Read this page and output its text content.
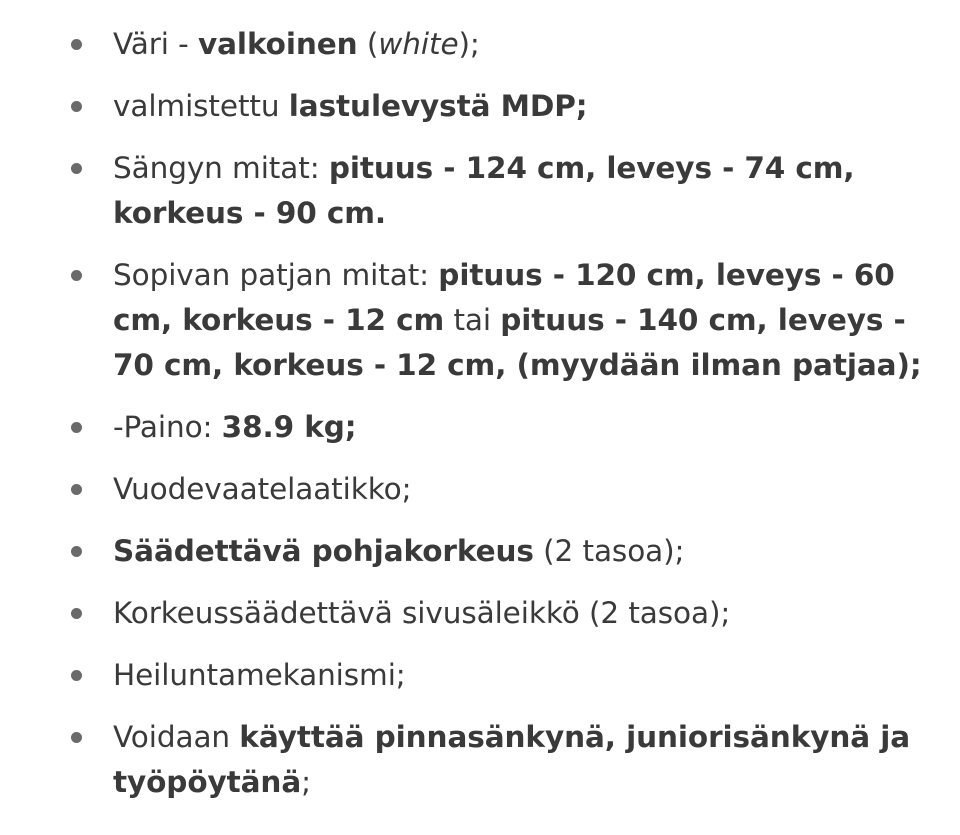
Väri - valkoinen (white);
valmistettu lastulevystä MDP;
Sängyn mitat: pituus - 124 cm, leveys - 74 cm, korkeus - 90 cm.
Sopivan patjan mitat: pituus - 120 cm, leveys - 60 cm, korkeus - 12 cm tai pituus - 140 cm, leveys - 70 cm, korkeus - 12 cm, (myydään ilman patjaa);
-Paino: 38.9 kg;
Vuodevaatelaatikko;
Säädettävä pohjakorkeus (2 tasoa);
Korkeussäädettävä sivusäleikkö (2 tasoa);
Heiluntamekanismi;
Voidaan käyttää pinnasänkynä, juniorisänkynä ja työpöytänä;
